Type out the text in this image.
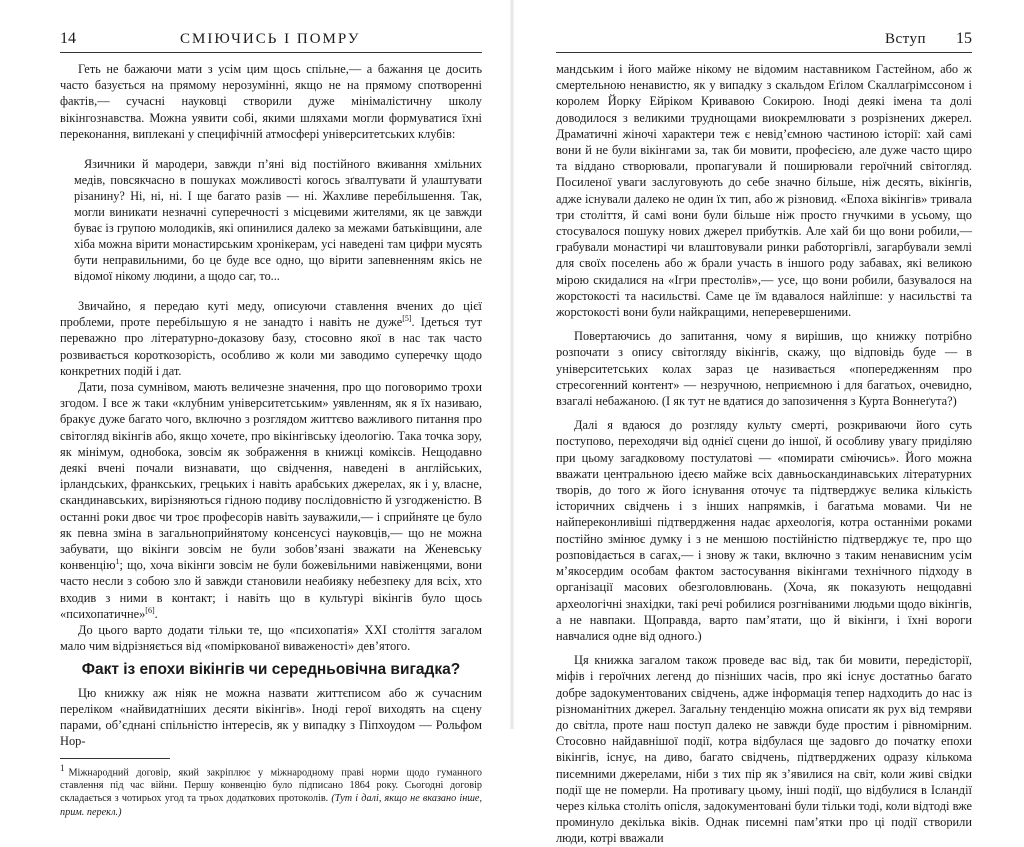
14	СМІЮЧИСЬ І ПОМРУ

Геть не бажаючи мати з усім цим щось спільне,— а бажання це досить часто базується на прямому нерозумінні, якщо не на прямому спотворенні фактів,— сучасні науковці створили дуже мінімалістичну школу вікінгознавства. Можна уявити собі, якими шляхами могли формуватися їхні переконання, виплекані у специфічній атмосфері університетських клубів:

Язичники й мародери, завжди п’яні від постійного вживання хмільних медів, повсякчасно в пошуках можливості когось зґвалтувати й улаштувати різанину? Ні, ні, ні. І ще багато разів — ні. Жахливе перебільшення. Так, могли виникати незначні суперечності з місцевими жителями, як це завжди буває із групою молодиків, які опинилися далеко за межами батьківщини, але хіба можна вірити монастирським хронікерам, усі наведені там цифри мусять бути неправильними, бо це буде все одно, що вірити запевненням якісь не відомої нікому людини, а щодо саг, то...

Звичайно, я передаю куті меду, описуючи ставлення вчених до цієї проблеми, проте перебільшую я не занадто і навіть не дуже[5]. Ідеться тут переважно про літературно-доказову базу, стосовно якої в нас так часто розвивається короткозорість, особливо ж коли ми заводимо суперечку щодо конкретних подій і дат.

Дати, поза сумнівом, мають величезне значення, про що поговоримо трохи згодом. І все ж таки «клубним університетським» уявленням, як я їх називаю, бракує дуже багато чого, включно з розглядом життєво важливого питання про світогляд вікінгів або, якщо хочете, про вікінгівську ідеологію. Така точка зору, як мінімум, однобока, зовсім як зображення в книжці коміксів. Нещодавно деякі вчені почали визнавати, що свідчення, наведені в англійських, ірландських, франкських, грецьких і навіть арабських джерелах, як і у, власне, скандинавських, вирізняються гідною подиву послідовністю й узгодженістю. В останні роки двоє чи троє професорів навіть зауважили,— і сприйняте це було як певна зміна в загальноприйнятому консенсусі науковців,— що не можна забувати, що вікінги зовсім не були зобов’язані зважати на Женевську конвенцію$^1$; що, хоча вікінги зовсім не були божевільними навіженцями, вони часто несли з собою зло й завжди становили неабияку небезпеку для всіх, хто входив з ними в контакт; і навіть що в культурі вікінгів було щось «психопатичне»[6].

До цього варто додати тільки те, що «психопатія» XXI століття загалом мало чим відрізняється від «поміркованої виваженості» дев’ятого.

Факт із епохи вікінгів чи середньовічна вигадка?

Цю книжку аж ніяк не можна назвати життєписом або ж сучасним переліком «найвидатніших десяти вікінгів». Іноді герої виходять на сцену парами, об’єднані спільністю інтересів, як у випадку з Піпхоудом — Рольфом Нор-

1 Міжнародний договір, який закріплює у міжнародному праві норми щодо гуманного ставлення під час війни. Першу конвенцію було підписано 1864 року. Сьогодні договір складається з чотирьох угод та трьох додаткових протоколів. (Тут і далі, якщо не вказано інше, прим. перекл.)
Вступ 15

мандським і його майже нікому не відомим наставником Гастейном, або ж смертельною ненавистю, як у випадку з скальдом Еґілом Скаллаґрімссоном і королем Йорку Ейріком Кривавою Сокирою. Іноді деякі імена та долі доводилося з великими труднощами виокремлювати з розрізнених джерел. Драматичні жіночі характери теж є невід’ємною частиною історії: хай самі вони й не були вікінгами за, так би мовити, професією, але дуже часто щиро та віддано створювали, пропагували й поширювали героїчний світогляд. Посиленої уваги заслуговують до себе значно більше, ніж десять, вікінгів, адже існували далеко не один їх тип, або ж різновид. «Епоха вікінгів» тривала три століття, й самі вони були більше ніж просто гнучкими в усьому, що стосувалося пошуку нових джерел прибутків. Але хай би що вони робили,— грабували монастирі чи влаштовували ринки работоргівлі, загарбували землі для своїх поселень або ж брали участь в іншого роду забавах, які великою мірою скидалися на «Ігри престолів»,— усе, що вони робили, базувалося на жорстокості та насильстві. Саме це їм вдавалося найліпше: у насильстві та жорстокості вони були найкращими, неперевершеними.

Повертаючись до запитання, чому я вирішив, що книжку потрібно розпочати з опису світогляду вікінгів, скажу, що відповідь буде — в університетських колах зараз це називається «попередженням про стресогенний контент» — незручною, неприємною і для багатьох, очевидно, взагалі небажаною. (І як тут не вдатися до запозичення з Курта Воннеґута?)

Далі я вдаюся до розгляду культу смерті, розкриваючи його суть поступово, переходячи від однієї сцени до іншої, й особливу увагу приділяю при цьому загадковому постулатові — «помирати сміючись». Його можна вважати центральною ідеєю майже всіх давньоскандинавських літературних творів, до того ж його існування оточує та підтверджує велика кількість історичних свідчень і з інших напрямків, і багатьма мовами. Чи не найпереконливіші підтвердження надає археологія, котра останніми роками постійно змінює думку і з не меншою постійністю підтверджує те, про що розповідається в сагах,— і знову ж таки, включно з таким ненависним усім м’якосердим особам фактом застосування вікінгами технічного підходу в організації масових обезголовлювань. (Хоча, як показують нещодавні археологічні знахідки, такі речі робилися розгніваними людьми щодо вікінгів, а не навпаки. Щоправда, варто пам’ятати, що й вікінги, і їхні вороги навчалися одне від одного.)

Ця книжка загалом також проведе вас від, так би мовити, передісторії, міфів і героїчних легенд до пізніших часів, про які існує достатньо багато добре задокументованих свідчень, адже інформація тепер надходить до нас із різноманітних джерел. Загальну тенденцію можна описати як рух від темряви до світла, проте наш поступ далеко не завжди буде простим і рівномірним. Стосовно найдавнішої події, котра відбулася ще задовго до початку епохи вікінгів, існує, на диво, багато свідчень, підтверджених одразу кількома писемними джерелами, ніби з тих пір як з’явилися на світ, коли живі свідки події ще не померли. На противагу цьому, інші події, що відбулися в Ісландії через кілька століть опісля, задокументовані були тільки тоді, коли відтоді вже проминуло декілька віків. Однак писемні пам’ятки про ці події створили люди, котрі вважали
